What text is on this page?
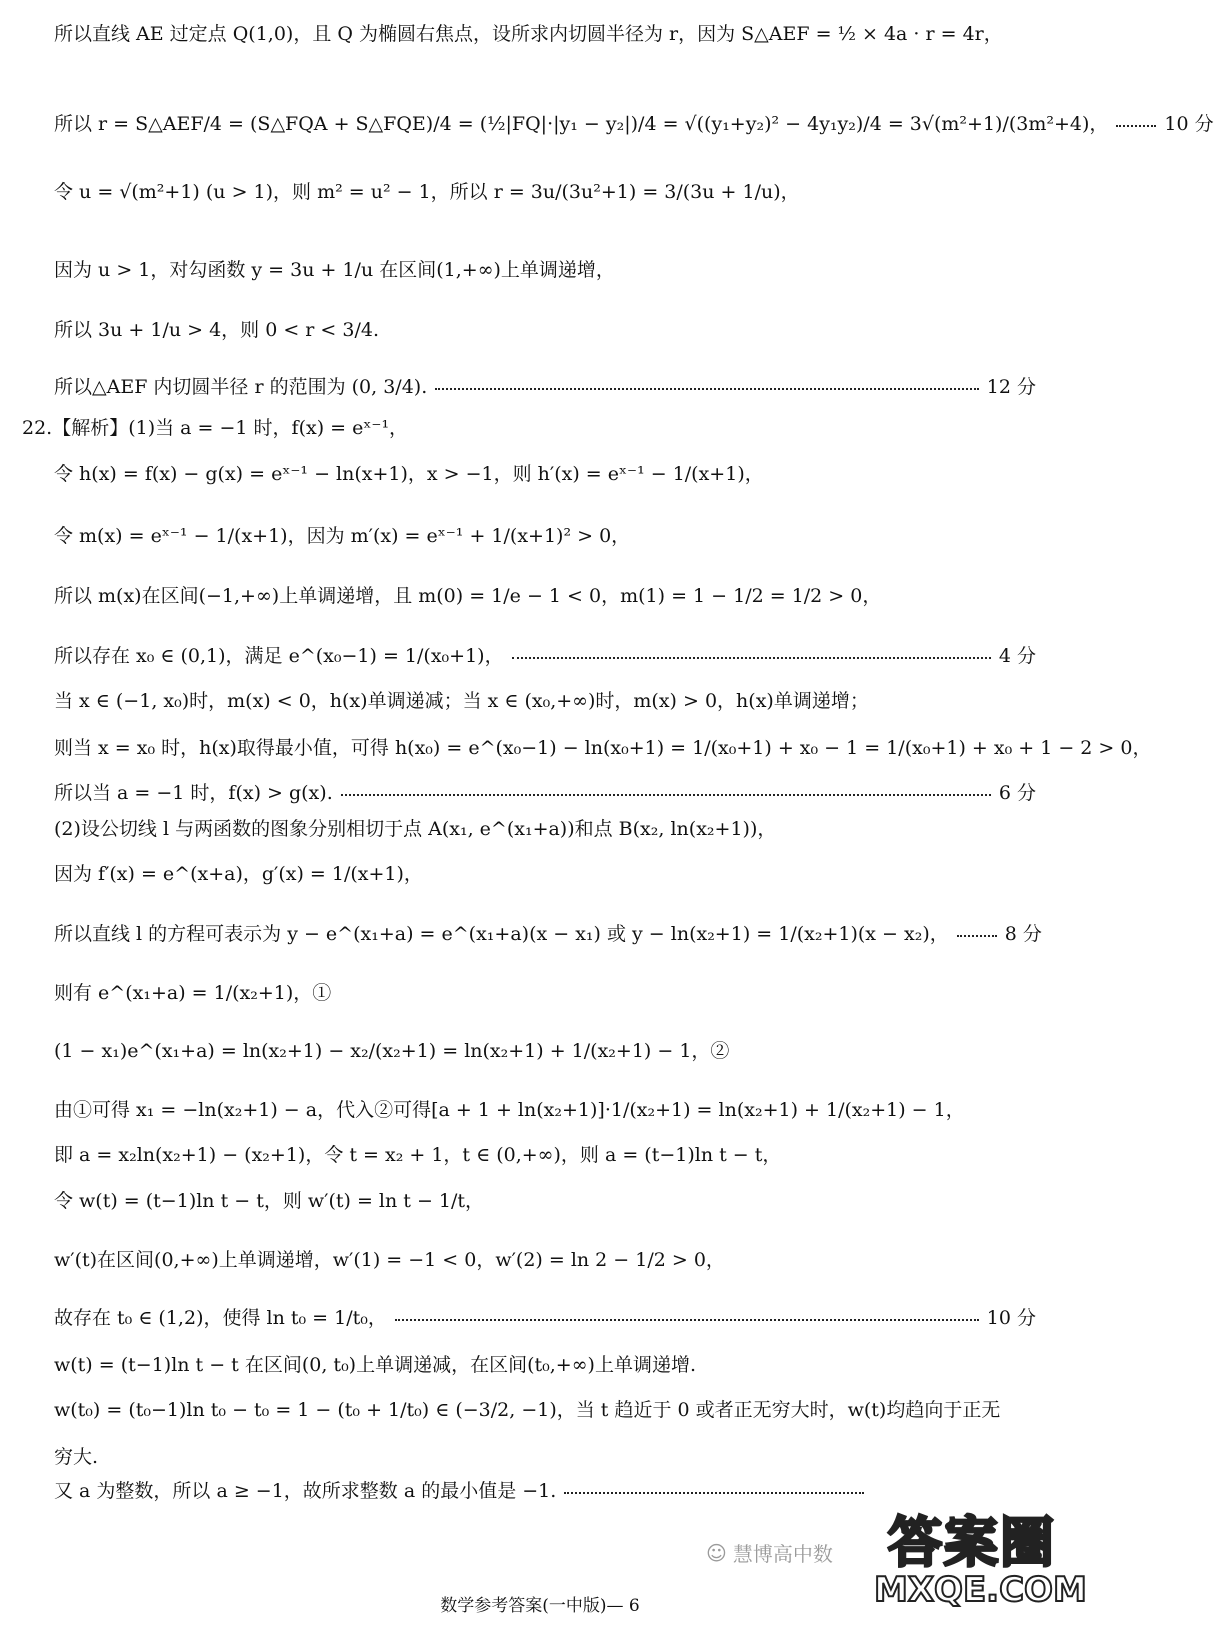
所以直线 AE 过定点 Q(1,0)，且 Q 为椭圆右焦点，设所求内切圆半径为 r，因为 S△AEF = ½ × 4a · r = 4r，
所以 r = S△AEF/4 = (S△FQA + S△FQE)/4 = (½|FQ|·|y₁ − y₂|)/4 = √((y₁+y₂)² − 4y₁y₂)/4 = 3√(m²+1)/(3m²+4)，	10 分
令 u = √(m²+1) (u > 1)，则 m² = u² − 1，所以 r = 3u/(3u²+1) = 3/(3u + 1/u)，
因为 u > 1，对勾函数 y = 3u + 1/u 在区间(1,+∞)上单调递增，
所以 3u + 1/u > 4，则 0 < r < 3/4.
所以△AEF 内切圆半径 r 的范围为 (0, 3/4).	12 分
22.【解析】(1)当 a = −1 时，f(x) = eˣ⁻¹，
令 h(x) = f(x) − g(x) = eˣ⁻¹ − ln(x+1)，x > −1，则 h′(x) = eˣ⁻¹ − 1/(x+1)，
令 m(x) = eˣ⁻¹ − 1/(x+1)，因为 m′(x) = eˣ⁻¹ + 1/(x+1)² > 0，
所以 m(x)在区间(−1,+∞)上单调递增，且 m(0) = 1/e − 1 < 0，m(1) = 1 − 1/2 = 1/2 > 0，
所以存在 x₀ ∈ (0,1)，满足 e^(x₀−1) = 1/(x₀+1)，	4 分
当 x ∈ (−1, x₀)时，m(x) < 0，h(x)单调递减；当 x ∈ (x₀,+∞)时，m(x) > 0，h(x)单调递增；
则当 x = x₀ 时，h(x)取得最小值，可得 h(x₀) = e^(x₀−1) − ln(x₀+1) = 1/(x₀+1) + x₀ − 1 = 1/(x₀+1) + x₀ + 1 − 2 > 0，
所以当 a = −1 时，f(x) > g(x).	6 分
(2)设公切线 l 与两函数的图象分别相切于点 A(x₁, e^(x₁+a))和点 B(x₂, ln(x₂+1))，
因为 f′(x) = e^(x+a)，g′(x) = 1/(x+1)，
所以直线 l 的方程可表示为 y − e^(x₁+a) = e^(x₁+a)(x − x₁) 或 y − ln(x₂+1) = 1/(x₂+1)(x − x₂)，	8 分
则有 e^(x₁+a) = 1/(x₂+1)，①
(1 − x₁)e^(x₁+a) = ln(x₂+1) − x₂/(x₂+1) = ln(x₂+1) + 1/(x₂+1) − 1，②
由①可得 x₁ = −ln(x₂+1) − a，代入②可得[a + 1 + ln(x₂+1)]·1/(x₂+1) = ln(x₂+1) + 1/(x₂+1) − 1，
即 a = x₂ln(x₂+1) − (x₂+1)，令 t = x₂ + 1，t ∈ (0,+∞)，则 a = (t−1)ln t − t，
令 w(t) = (t−1)ln t − t，则 w′(t) = ln t − 1/t，
w′(t)在区间(0,+∞)上单调递增，w′(1) = −1 < 0，w′(2) = ln 2 − 1/2 > 0，
故存在 t₀ ∈ (1,2)，使得 ln t₀ = 1/t₀，	10 分
w(t) = (t−1)ln t − t 在区间(0, t₀)上单调递减，在区间(t₀,+∞)上单调递增.
w(t₀) = (t₀−1)ln t₀ − t₀ = 1 − (t₀ + 1/t₀) ∈ (−3/2, −1)，当 t 趋近于 0 或者正无穷大时，w(t)均趋向于正无
穷大.
又 a 为整数，所以 a ≥ −1，故所求整数 a 的最小值是 −1.
数学参考答案(一中版)— 6
☺ 慧博高中数 答案圈
MXQE.COM
